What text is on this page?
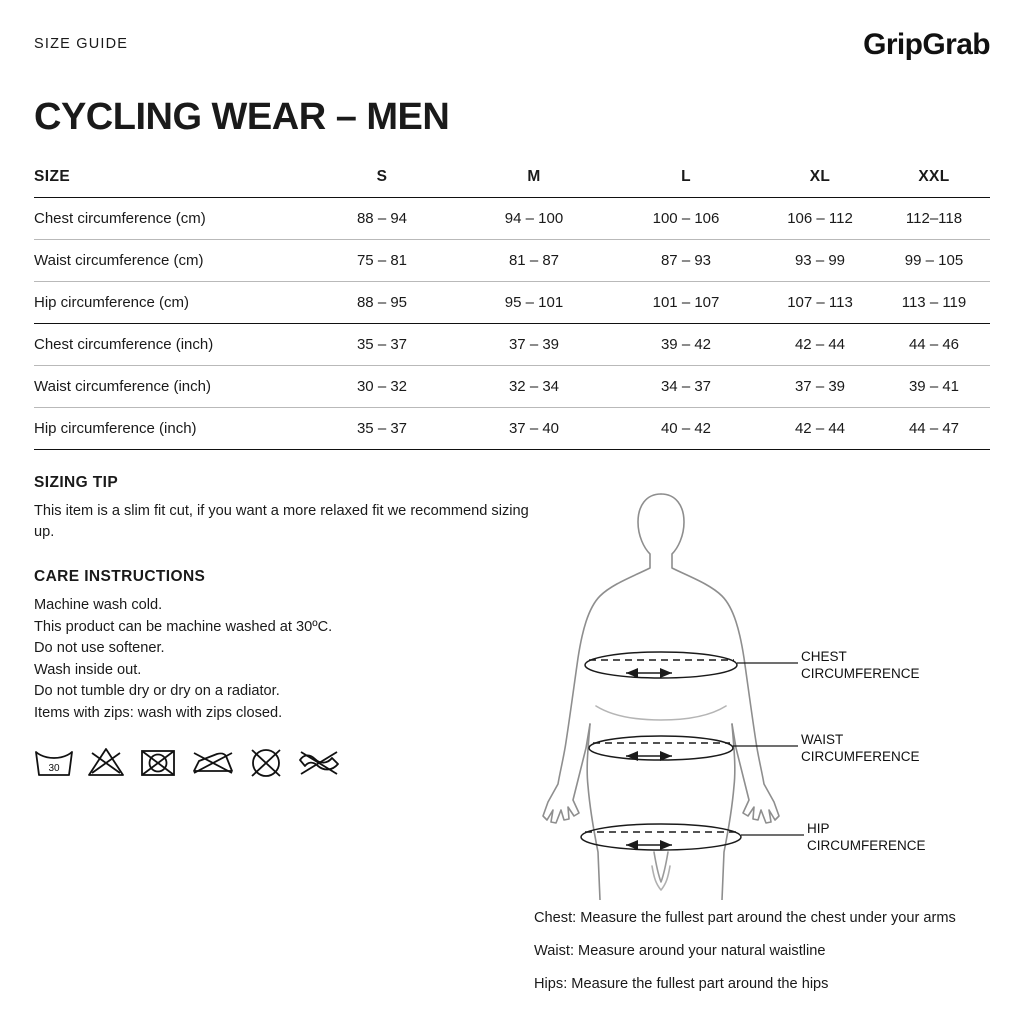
SIZE GUIDE	GripGrab
CYCLING WEAR – MEN
SIZE	S	M	L	XL	XXL
Chest circumference (cm)	88 – 94	94 – 100	100 – 106	106 – 112	112–118
Waist circumference (cm)	75 – 81	81 – 87	87 – 93	93 – 99	99 – 105
Hip circumference (cm)	88 – 95	95 – 101	101 – 107	107 – 113	113 – 119
Chest circumference (inch)	35 – 37	37 – 39	39 – 42	42 – 44	44 – 46
Waist circumference (inch)	30 – 32	32 – 34	34 – 37	37 – 39	39 – 41
Hip circumference (inch)	35 – 37	37 – 40	40 – 42	42 – 44	44 – 47
SIZING TIP

This item is a slim fit cut, if you want a more relaxed fit we recommend sizing up.

CARE INSTRUCTIONS
Machine wash cold.
This product can be machine washed at 30ºC.
Do not use softener.
Wash inside out.
Do not tumble dry or dry on a radiator.
Items with zips: wash with zips closed.
30
CHEST
CIRCUMFERENCE
WAIST
CIRCUMFERENCE
HIP
CIRCUMFERENCE

Chest: Measure the fullest part around the chest under your arms

Waist: Measure around your natural waistline

Hips: Measure the fullest part around the hips
